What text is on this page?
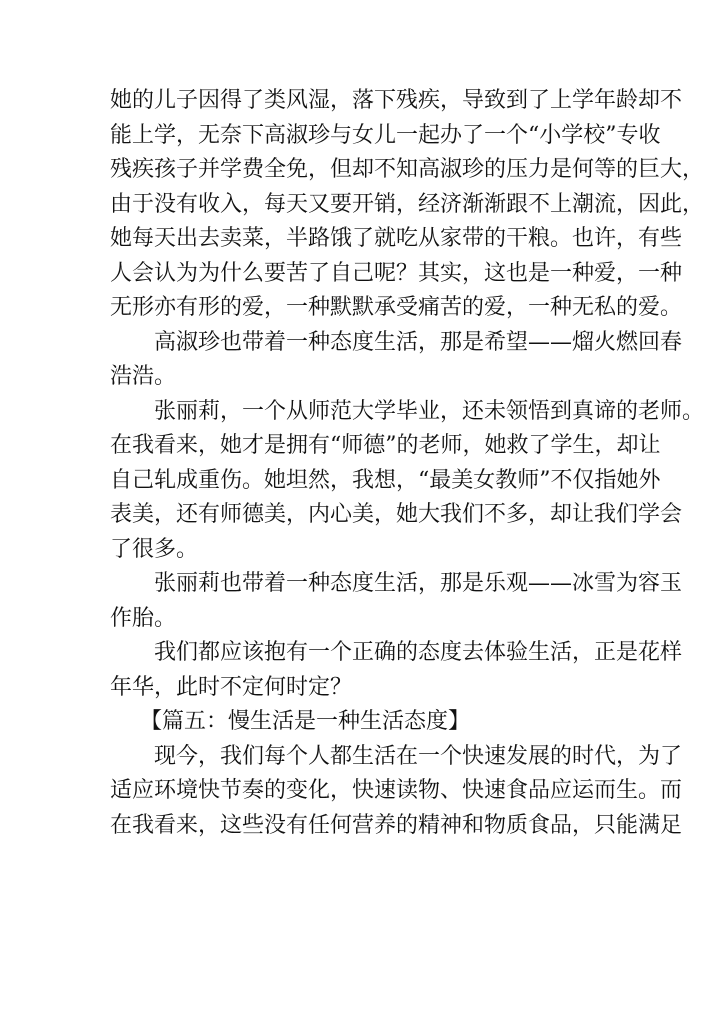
她的儿子因得了类风湿，落下残疾，导致到了上学年龄却不
能上学，无奈下高淑珍与女儿一起办了一个“小学校”专收
残疾孩子并学费全免，但却不知高淑珍的压力是何等的巨大，
由于没有收入，每天又要开销，经济渐渐跟不上潮流，因此，
她每天出去卖菜，半路饿了就吃从家带的干粮。也许，有些
人会认为为什么要苦了自己呢？其实，这也是一种爱，一种
无形亦有形的爱，一种默默承受痛苦的爱，一种无私的爱。
高淑珍也带着一种态度生活，那是希望——熘火燃回春
浩浩。
张丽莉，一个从师范大学毕业，还未领悟到真谛的老师。
在我看来，她才是拥有“师德”的老师，她救了学生，却让
自己轧成重伤。她坦然，我想，“最美女教师”不仅指她外
表美，还有师德美，内心美，她大我们不多，却让我们学会
了很多。
张丽莉也带着一种态度生活，那是乐观——冰雪为容玉
作胎。
我们都应该抱有一个正确的态度去体验生活，正是花样
年华，此时不定何时定？
【篇五：慢生活是一种生活态度】
现今，我们每个人都生活在一个快速发展的时代，为了
适应环境快节奏的变化，快速读物、快速食品应运而生。而
在我看来，这些没有任何营养的精神和物质食品，只能满足
